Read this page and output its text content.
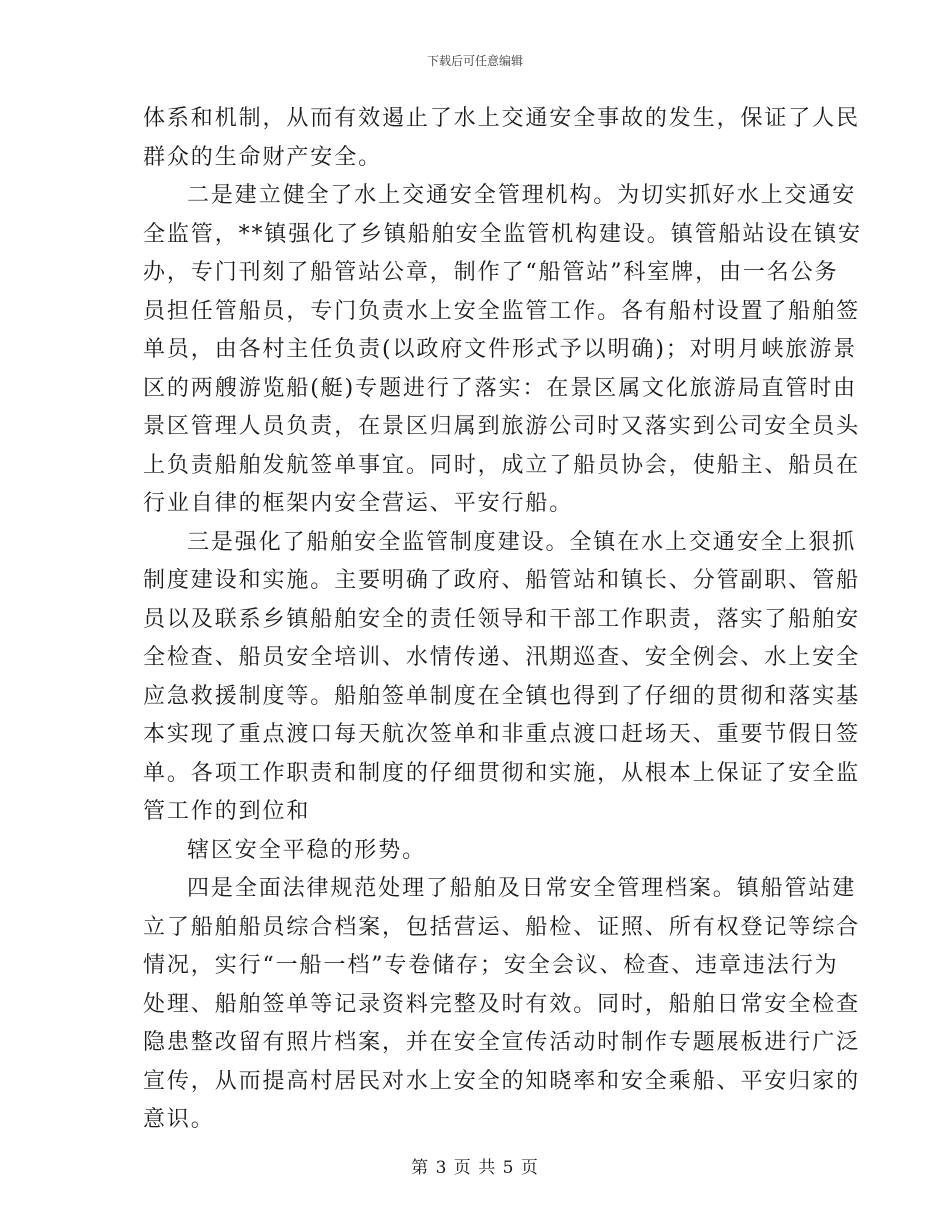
下载后可任意编辑
体系和机制，从而有效遏止了水上交通安全事故的发生，保证了人民
群众的生命财产安全。
二是建立健全了水上交通安全管理机构。为切实抓好水上交通安
全监管，**镇强化了乡镇船舶安全监管机构建设。镇管船站设在镇安
办，专门刊刻了船管站公章，制作了“船管站”科室牌，由一名公务
员担任管船员，专门负责水上安全监管工作。各有船村设置了船舶签
单员，由各村主任负责(以政府文件形式予以明确)；对明月峡旅游景
区的两艘游览船(艇)专题进行了落实：在景区属文化旅游局直管时由
景区管理人员负责，在景区归属到旅游公司时又落实到公司安全员头
上负责船舶发航签单事宜。同时，成立了船员协会，使船主、船员在
行业自律的框架内安全营运、平安行船。
三是强化了船舶安全监管制度建设。全镇在水上交通安全上狠抓
制度建设和实施。主要明确了政府、船管站和镇长、分管副职、管船
员以及联系乡镇船舶安全的责任领导和干部工作职责，落实了船舶安
全检查、船员安全培训、水情传递、汛期巡查、安全例会、水上安全
应急救援制度等。船舶签单制度在全镇也得到了仔细的贯彻和落实基
本实现了重点渡口每天航次签单和非重点渡口赶场天、重要节假日签
单。各项工作职责和制度的仔细贯彻和实施，从根本上保证了安全监
管工作的到位和
辖区安全平稳的形势。
四是全面法律规范处理了船舶及日常安全管理档案。镇船管站建
立了船舶船员综合档案，包括营运、船检、证照、所有权登记等综合
情况，实行“一船一档”专卷储存；安全会议、检查、违章违法行为
处理、船舶签单等记录资料完整及时有效。同时，船舶日常安全检查
隐患整改留有照片档案，并在安全宣传活动时制作专题展板进行广泛
宣传，从而提高村居民对水上安全的知晓率和安全乘船、平安归家的
意识。
第 3 页 共 5 页
